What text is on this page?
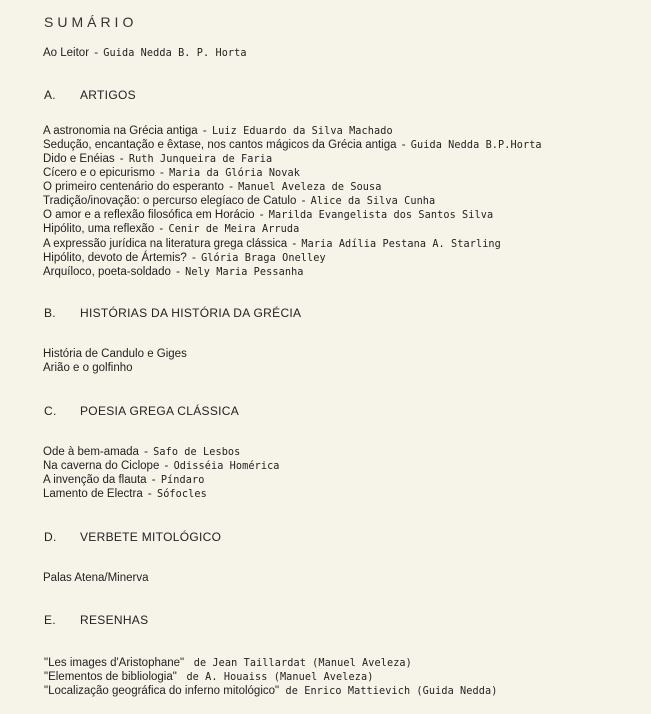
SUMÁRIO
Ao Leitor - Guida Nedda B. P. Horta
A. ARTIGOS
A astronomia na Grécia antiga - Luiz Eduardo da Silva Machado
Sedução, encantação e êxtase, nos cantos mágicos da Grécia antiga - Guida Nedda B.P.Horta
Dido e Enéias - Ruth Junqueira de Faria
Cícero e o epicurismo - Maria da Glória Novak
O primeiro centenário do esperanto - Manuel Aveleza de Sousa
Tradição/inovação: o percurso elegíaco de Catulo - Alice da Silva Cunha
O amor e a reflexão filosófica em Horácio - Marilda Evangelista dos Santos Silva
Hipólito, uma reflexão - Cenir de Meira Arruda
A expressão jurídica na literatura grega clássica - Maria Adília Pestana A. Starling
Hipólito, devoto de Ártemis? - Glória Braga Onelley
Arquíloco, poeta-soldado - Nely Maria Pessanha
B. HISTÓRIAS DA HISTÓRIA DA GRÉCIA
História de Candulo e Giges
Arião e o golfinho
C. POESIA GREGA CLÁSSICA
Ode à bem-amada - Safo de Lesbos
Na caverna do Ciclope - Odisséia Homérica
A invenção da flauta - Píndaro
Lamento de Electra - Sófocles
D. VERBETE MITOLÓGICO
Palas Atena/Minerva
E. RESENHAS
"Les images d'Aristophane" de Jean Taillardat (Manuel Aveleza)
"Elementos de bibliologia" de A. Houaiss (Manuel Aveleza)
"Localização geográfica do inferno mitológico" de Enrico Mattievich (Guida Nedda)
